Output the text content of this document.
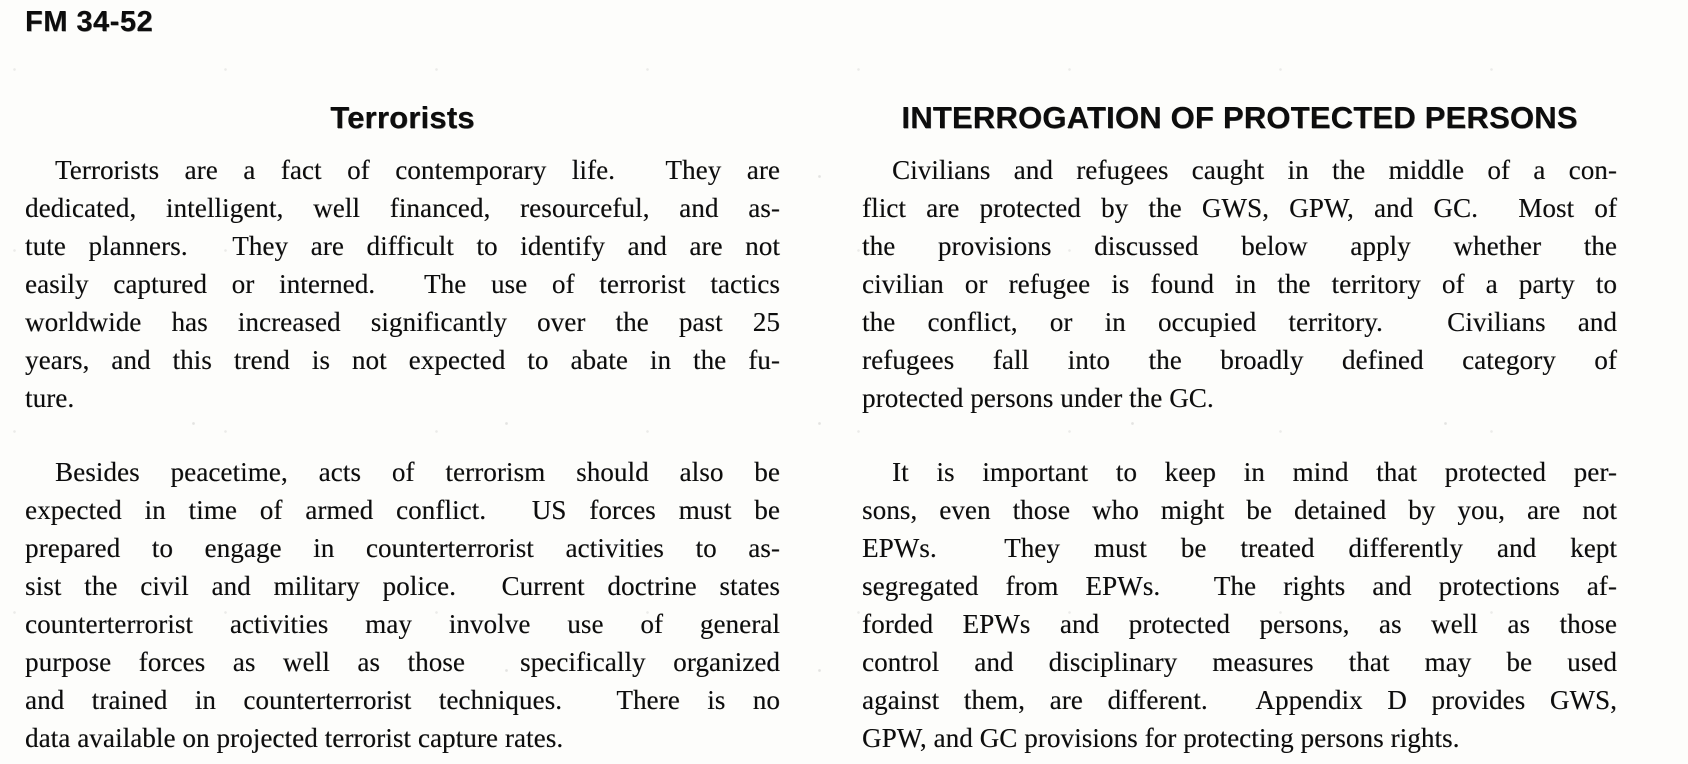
FM 34-52
Terrorists
Terrorists are a fact of contemporary life.  They are
dedicated, intelligent, well financed, resourceful, and as-
tute planners.  They are difficult to identify and are not
easily captured or interned.  The use of terrorist tactics
worldwide has increased significantly over the past 25
years, and this trend is not expected to abate in the fu-
ture.
Besides peacetime, acts of terrorism should also be
expected in time of armed conflict.  US forces must be
prepared to engage in counterterrorist activities to as-
sist the civil and military police.  Current doctrine states
counterterrorist activities may involve use of general
purpose forces as well as those  specifically organized
and trained in counterterrorist techniques.  There is no
data available on projected terrorist capture rates.
INTERROGATION OF PROTECTED PERSONS
Civilians and refugees caught in the middle of a con-
flict are protected by the GWS, GPW, and GC.  Most of
the provisions discussed below apply whether the
civilian or refugee is found in the territory of a party to
the conflict, or in occupied territory.  Civilians and
refugees fall into the broadly defined category of
protected persons under the GC.
It is important to keep in mind that protected per-
sons, even those who might be detained by you, are not
EPWs.  They must be treated differently and kept
segregated from EPWs.  The rights and protections af-
forded EPWs and protected persons, as well as those
control and disciplinary measures that may be used
against them, are different.  Appendix D provides GWS,
GPW, and GC provisions for protecting persons rights.
